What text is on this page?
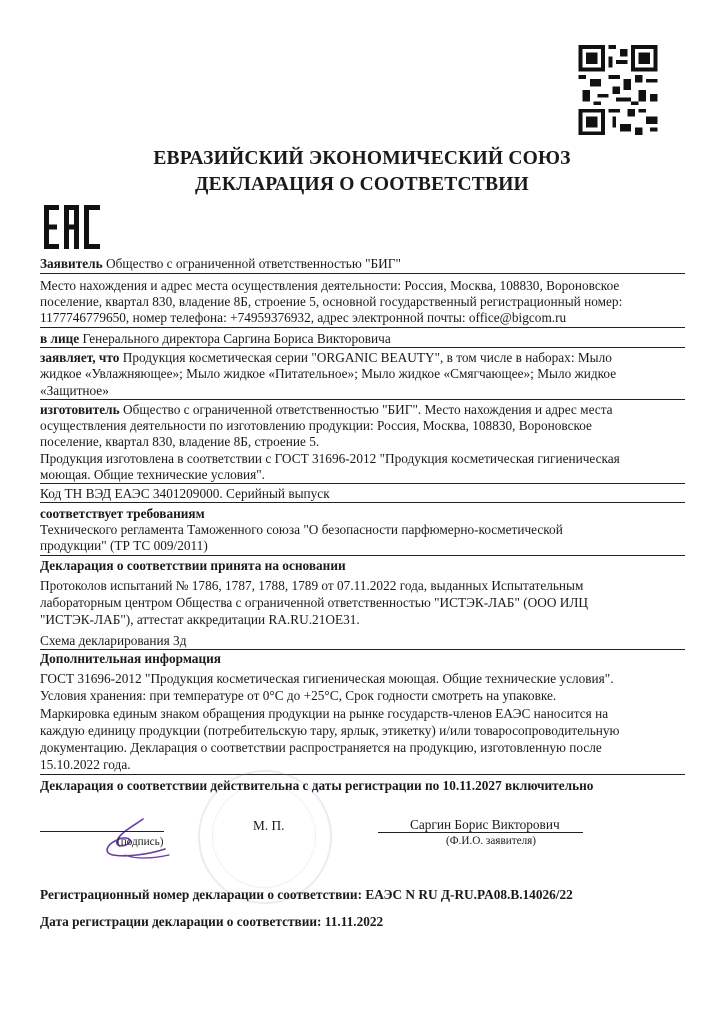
ЕВРАЗИЙСКИЙ ЭКОНОМИЧЕСКИЙ СОЮЗ
ДЕКЛАРАЦИЯ О СООТВЕТСТВИИ
Заявитель Общество с ограниченной ответственностью "БИГ"
Место нахождения и адрес места осуществления деятельности: Россия, Москва, 108830, Вороновское
поселение, квартал 830, владение 8Б, строение 5, основной государственный регистрационный номер:
1177746779650, номер телефона: +74959376932, адрес электронной почты: office@bigcom.ru
в лице Генерального директора Саргина Бориса Викторовича
заявляет, что Продукция косметическая серии "ORGANIC BEAUTY", в том числе в наборах: Мыло
жидкое «Увлажняющее»; Мыло жидкое «Питательное»; Мыло жидкое «Смягчающее»; Мыло жидкое
«Защитное»
изготовитель Общество с ограниченной ответственностью "БИГ". Место нахождения и адрес места
осуществления деятельности по изготовлению продукции: Россия, Москва, 108830, Вороновское
поселение, квартал 830, владение 8Б, строение 5.
Продукция изготовлена в соответствии с ГОСТ 31696-2012 "Продукция косметическая гигиеническая
моющая. Общие технические условия".
Код ТН ВЭД ЕАЭС 3401209000. Серийный выпуск
соответствует требованиям
Технического регламента Таможенного союза "О безопасности парфюмерно-косметической
продукции" (ТР ТС 009/2011)
Декларация о соответствии принята на основании
Протоколов испытаний № 1786, 1787, 1788, 1789 от 07.11.2022 года, выданных Испытательным
лабораторным центром Общества с ограниченной ответственностью "ИСТЭК-ЛАБ" (ООО ИЛЦ
"ИСТЭК-ЛАБ"), аттестат аккредитации RA.RU.21ОЕ31.
Схема декларирования 3д
Дополнительная информация
ГОСТ 31696-2012 "Продукция косметическая гигиеническая моющая. Общие технические условия".
Условия хранения: при температуре от 0°С до +25°С, Срок годности смотреть на упаковке.
Маркировка единым знаком обращения продукции на рынке государств-членов ЕАЭС наносится на
каждую единицу продукции (потребительскую тару, ярлык, этикетку) и/или товаросопроводительную
документацию. Декларация о соответствии распространяется на продукцию, изготовленную после
15.10.2022 года.
Декларация о соответствии действительна с даты регистрации по 10.11.2027 включительно
(подпись)
М. П.	Саргин Борис Викторович
(Ф.И.О. заявителя)
Регистрационный номер декларации о соответствии: ЕАЭС N RU Д-RU.PA08.B.14026/22
Дата регистрации декларации о соответствии: 11.11.2022
